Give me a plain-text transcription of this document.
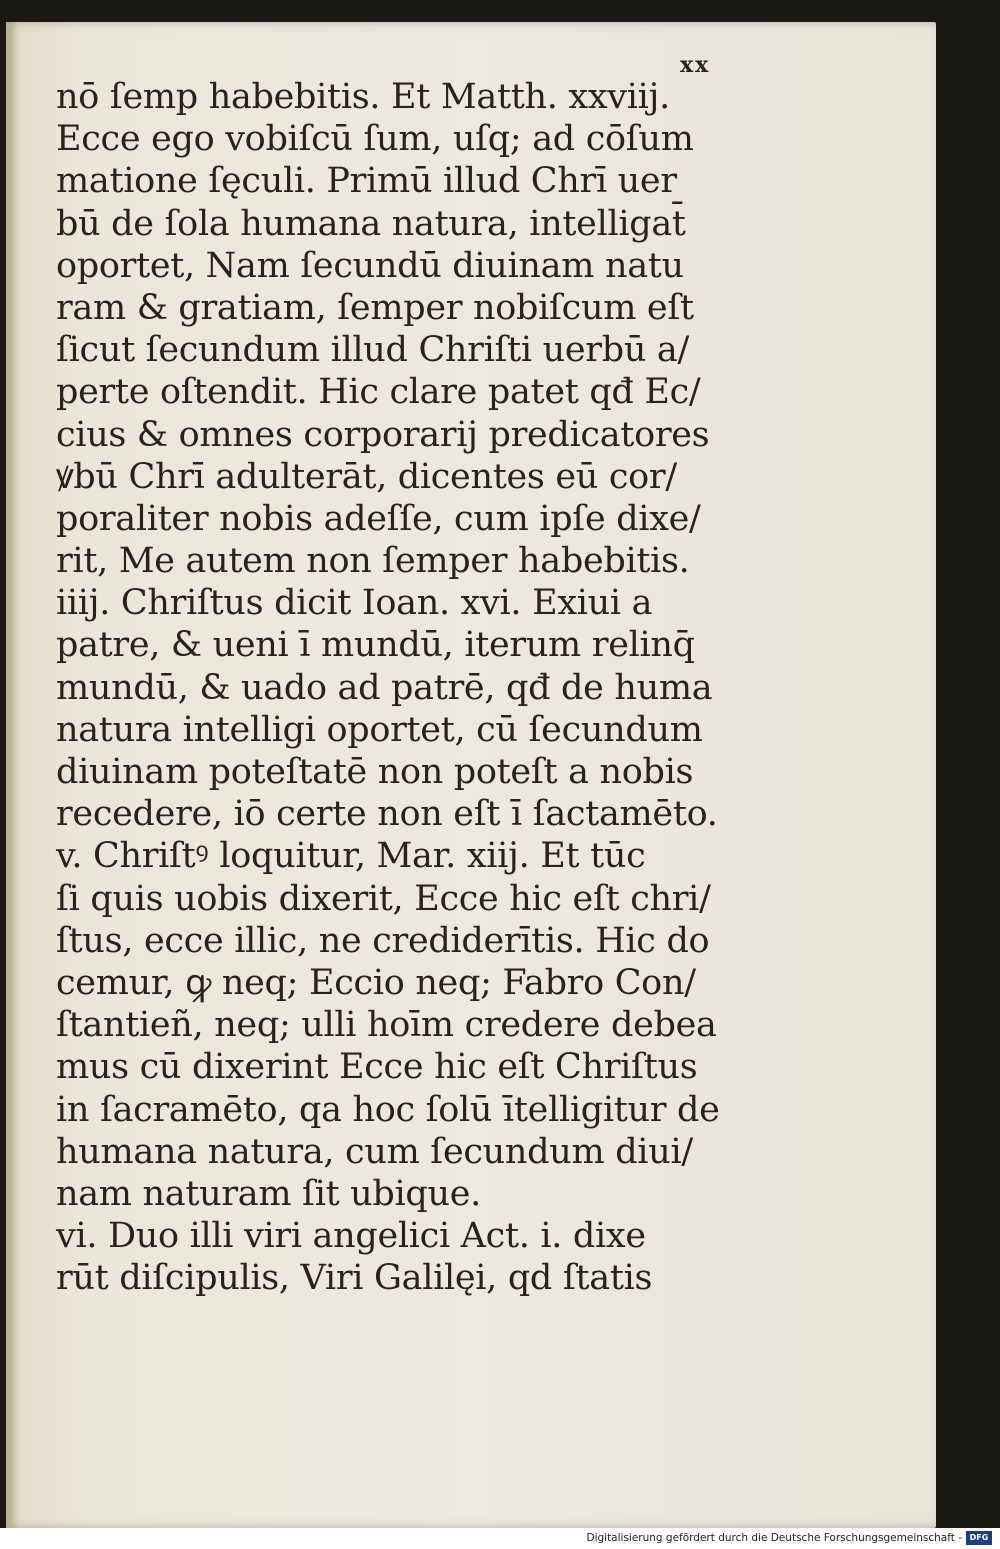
xx
nō ſemp habebitis. Et Matth. xxviij.
Ecce ego vobiſcū ſum, uſq; ad cōſum
matione ſęculi. Primū illud Chrī uer
bū de ſola humana natura, intelligat̄
oportet, Nam ſecundū diuinam natu
ram & gratiam, ſemper nobiſcum eſt
ſicut ſecundum illud Chriſti uerbū a/
perte oſtendit. Hic clare patet qđ Ec/
cius & omnes corporarij predicatores
ꝟbū Chrī adulterāt, dicentes eū cor/
poraliter nobis adeſſe, cum ipſe dixe/
rit, Me autem non ſemper habebitis.
iiij. Chriſtus dicit Ioan. xvi. Exiui a
patre, & ueni ī mundū, iterum relinq̄
mundū, & uado ad patrē, qđ de huma
natura intelligi oportet, cū ſecundum
diuinam poteſtatē non poteſt a nobis
recedere, iō certe non eſt ī ſactamēto.
v. Chriſtꝰ loquitur, Mar. xiij. Et tūc
ſi quis uobis dixerit, Ecce hic eſt chri/
ſtus, ecce illic, ne crediderītis. Hic do
cemur, ꝙ neq; Eccio neq; Fabro Con/
ſtantieñ, neq; ulli hoīm credere debea
mus cū dixerint Ecce hic eſt Chriſtus
in ſacramēto, qa hoc ſolū ītelligitur de
humana natura, cum ſecundum diui/
nam naturam ſit ubique.
vi. Duo illi viri angelici Act. i. dixe
rūt diſcipulis, Viri Galilęi, qd ſtatis
Digitalisierung gefördert durch die Deutsche Forschungsgemeinschaft - DFG
